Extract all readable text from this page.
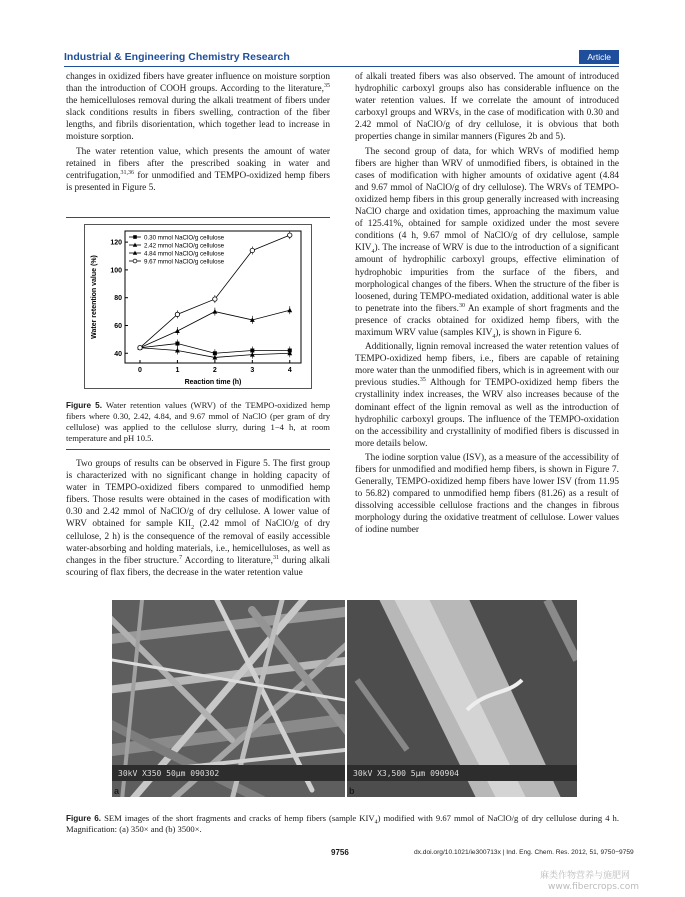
Industrial & Engineering Chemistry Research	Article

changes in oxidized fibers have greater influence on moisture sorption than the introduction of COOH groups. According to the literature,$^{35}$ the hemicelluloses removal during the alkali treatment of fibers under slack conditions results in fibers swelling, contraction of the fiber lengths, and fibrils disorientation, which together lead to increase in moisture sorption.

The water retention value, which presents the amount of water retained in fibers after the prescribed soaking in water and centrifugation,$^{31,36}$ for unmodified and TEMPO-oxidized hemp fibers is presented in Figure 5.

0	1	2	3	4
40
60
80
100
120
Reaction time (h)
Water retention value (%)
0.30 mmol NaClO/g cellulose
2.42 mmol NaClO/g cellulose
4.84 mmol NaClO/g cellulose
9.67 mmol NaClO/g cellulose
Figure 5. Water retention values (WRV) of the TEMPO-oxidized hemp fibers where 0.30, 2.42, 4.84, and 9.67 mmol of NaClO (per gram of dry cellulose) was applied to the cellulose slurry, during 1−4 h, at room temperature and pH 10.5.

Two groups of results can be observed in Figure 5. The first group is characterized with no significant change in holding capacity of water in TEMPO-oxidized fibers compared to unmodified hemp fibers. Those results were obtained in the cases of modification with 0.30 and 2.42 mmol of NaClO/g of dry cellulose. A lower value of WRV obtained for sample $KII_2$ (2.42 mmol of NaClO/g of dry cellulose, 2 h) is the consequence of the removal of easily accessible water-absorbing and holding materials, i.e., hemicelluloses, as well as changes in the fiber structure.$^7$ According to literature,$^{31}$ during alkali scouring of flax fibers, the decrease in the water retention value

of alkali treated fibers was also observed. The amount of introduced hydrophilic carboxyl groups also has considerable influence on the water retention values. If we correlate the amount of introduced carboxyl groups and WRVs, in the case of modification with 0.30 and 2.42 mmol of NaClO/g of dry cellulose, it is obvious that both properties change in similar manners (Figures 2b and 5).

The second group of data, for which WRVs of modified hemp fibers are higher than WRV of unmodified fibers, is obtained in the cases of modification with higher amounts of oxidative agent (4.84 and 9.67 mmol of NaClO/g of dry cellulose). The WRVs of TEMPO-oxidized hemp fibers in this group generally increased with increasing NaClO charge and oxidation times, approaching the maximum value of 125.41%, obtained for sample oxidized under the most severe conditions (4 h, 9.67 mmol of NaClO/g of dry cellulose, sample $KIV_4$). The increase of WRV is due to the introduction of a significant amount of hydrophilic carboxyl groups, effective elimination of hydrophobic impurities from the surface of the fibers, and morphological changes of the fibers. When the structure of the fiber is loosened, during TEMPO-mediated oxidation, additional water is able to penetrate into the fibers.$^{30}$ An example of short fragments and the presence of cracks obtained for oxidized hemp fibers, with the maximum WRV value (samples $KIV_4$), is shown in Figure 6.

Additionally, lignin removal increased the water retention values of TEMPO-oxidized hemp fibers, i.e., fibers are capable of retaining more water than the unmodified fibers, which is in agreement with our previous studies.$^{35}$ Although for TEMPO-oxidized hemp fibers the crystallinity index increases, the WRV also increases because of the dominant effect of the lignin removal as well as the introduction of hydrophilic carboxyl groups. The influence of the TEMPO-oxidation on the accessibility and crystallinity of modified fibers is discussed in more details below.

The iodine sorption value (ISV), as a measure of the accessibility of fibers for unmodified and modified hemp fibers, is shown in Figure 7. Generally, TEMPO-oxidized hemp fibers have lower ISV (from 11.95 to 56.82) compared to unmodified hemp fibers (81.26) as a result of dissolving accessible cellulose fractions and the changes in fibrous morphology during the oxidative treatment of cellulose. Lower values of iodine number

30kV X350 50μm 090302	30kV X3,500 5μm 090904
a	b
Figure 6. SEM images of the short fragments and cracks of hemp fibers (sample $KIV_4$) modified with 9.67 mmol of NaClO/g of dry cellulose during 4 h. Magnification: (a) 350× and (b) 3500×.
9756	dx.doi.org/10.1021/ie300713x | Ind. Eng. Chem. Res. 2012, 51, 9750−9759
麻类作物营养与施肥网
www.fibercrops.com
